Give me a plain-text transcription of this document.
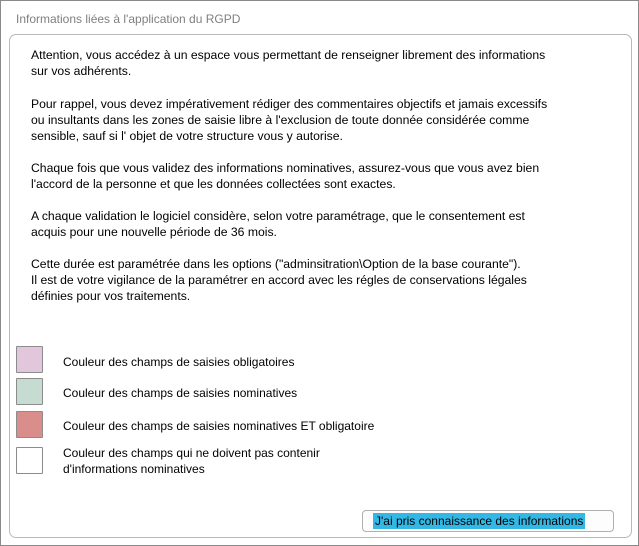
Informations liées à l'application du RGPD
Attention, vous accédez à un espace vous permettant de renseigner librement des informations
sur vos adhérents.
Pour rappel, vous devez impérativement rédiger des commentaires objectifs et jamais excessifs
ou insultants dans les zones de saisie libre à l'exclusion de toute donnée considérée comme
sensible, sauf si l' objet de votre structure vous y autorise.
Chaque fois que vous validez des informations nominatives, assurez-vous que vous avez bien
l'accord de la personne et que les données collectées sont exactes.
A chaque validation le logiciel considère, selon votre paramétrage, que le consentement est
acquis pour une nouvelle période de 36 mois.
Cette durée est paramétrée dans les options ("adminsitration\Option de la base courante").
Il est de votre vigilance de la paramétrer en accord avec les régles de conservations légales
définies pour vos traitements.
Couleur des champs de saisies obligatoires
Couleur des champs de saisies nominatives
Couleur des champs de saisies nominatives ET obligatoire
Couleur des champs qui ne doivent pas contenir
d'informations nominatives
J'ai pris connaissance des informations
